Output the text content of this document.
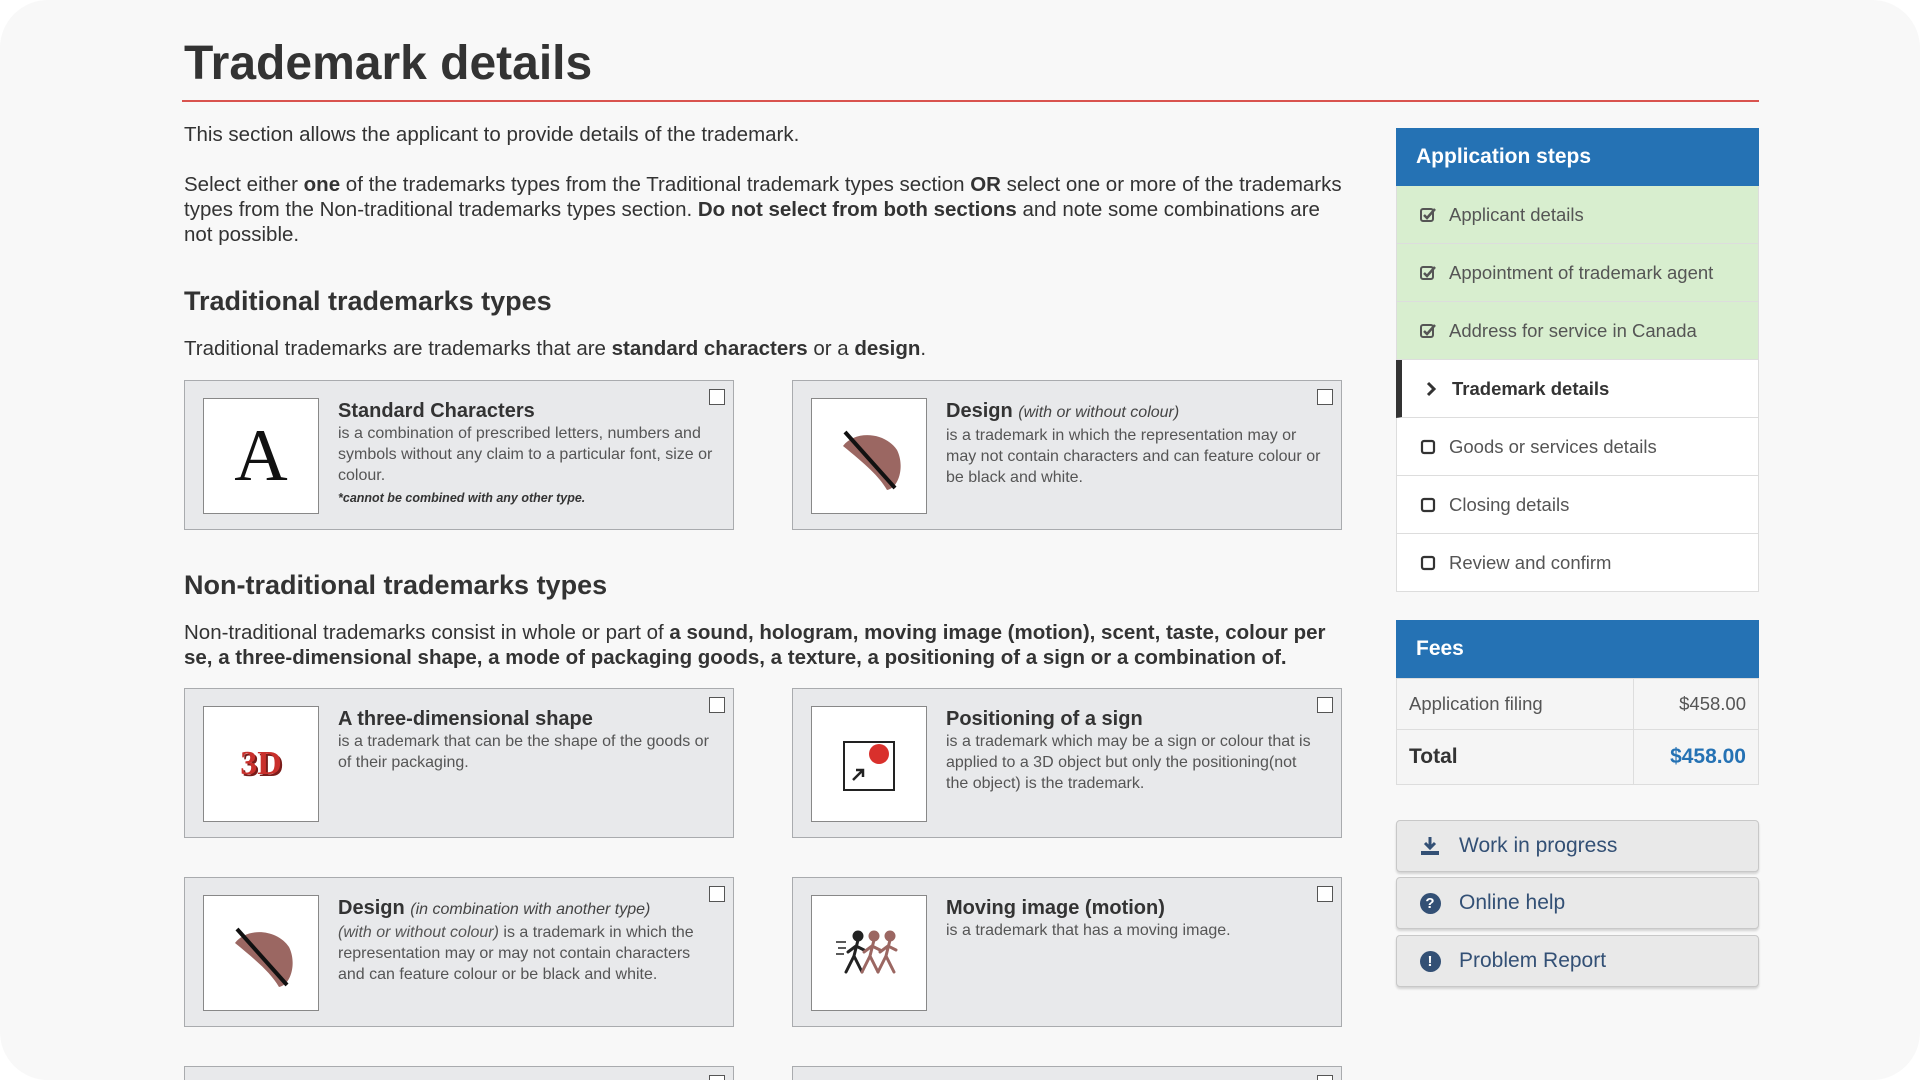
Trademark details

This section allows the applicant to provide details of the trademark.

Select either one of the trademarks types from the Traditional trademark types section OR select one or more of the trademarks types from the Non-traditional trademarks types section. Do not select from both sections and note some combinations are not possible.

Traditional trademarks types

Traditional trademarks are trademarks that are standard characters or a design.

A
Standard Characters
is a combination of prescribed letters, numbers and symbols without any claim to a particular font, size or colour.
*cannot be combined with any other type.
Design (with or without colour)
is a trademark in which the representation may or may not contain characters and can feature colour or be black and white.
Non-traditional trademarks types

Non-traditional trademarks consist in whole or part of a sound, hologram, moving image (motion), scent, taste, colour per se, a three-dimensional shape, a mode of packaging goods, a texture, a positioning of a sign or a combination of.

3D
A three-dimensional shape
is a trademark that can be the shape of the goods or of their packaging.
Positioning of a sign
is a trademark which may be a sign or colour that is applied to a 3D object but only the positioning(not the object) is the trademark.
Design (in combination with another type)
(with or without colour) is a trademark in which the representation may or may not contain characters and can feature colour or be black and white.
Moving image (motion)
is a trademark that has a moving image.
Application steps
Applicant details
Appointment of trademark agent
Address for service in Canada
Trademark details
Goods or services details
Closing details
Review and confirm
Fees
Application filing	$458.00
Total	$458.00
Work in progress
? Online help
!	Problem Report
